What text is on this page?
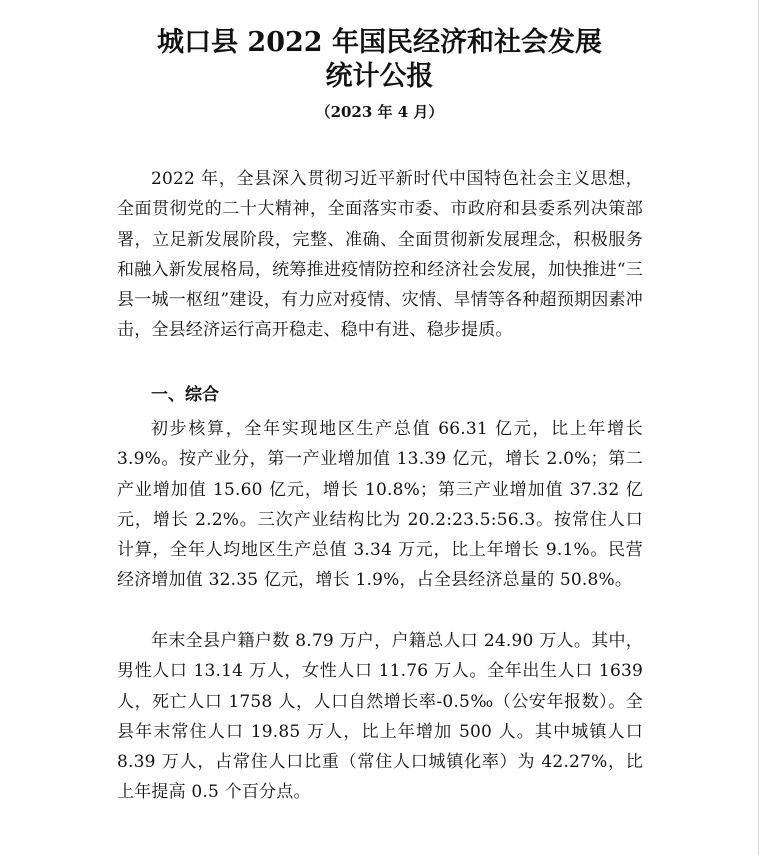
城口县 2022 年国民经济和社会发展
统计公报
（2023 年 4 月）

2022 年，全县深入贯彻习近平新时代中国特色社会主义思想，全面贯彻党的二十大精神，全面落实市委、市政府和县委系列决策部署，立足新发展阶段，完整、准确、全面贯彻新发展理念，积极服务和融入新发展格局，统筹推进疫情防控和经济社会发展，加快推进“三县一城一枢纽”建设，有力应对疫情、灾情、旱情等各种超预期因素冲击，全县经济运行高开稳走、稳中有进、稳步提质。

一、综合

初步核算，全年实现地区生产总值 66.31 亿元，比上年增长 3.9%。按产业分，第一产业增加值 13.39 亿元，增长 2.0%；第二产业增加值 15.60 亿元，增长 10.8%；第三产业增加值 37.32 亿元，增长 2.2%。三次产业结构比为 20.2:23.5:56.3。按常住人口计算，全年人均地区生产总值 3.34 万元，比上年增长 9.1%。民营经济增加值 32.35 亿元，增长 1.9%，占全县经济总量的 50.8%。

年末全县户籍户数 8.79 万户，户籍总人口 24.90 万人。其中，男性人口 13.14 万人，女性人口 11.76 万人。全年出生人口 1639 人，死亡人口 1758 人，人口自然增长率-0.5‰（公安年报数）。全县年末常住人口 19.85 万人，比上年增加 500 人。其中城镇人口 8.39 万人，占常住人口比重（常住人口城镇化率）为 42.27%，比上年提高 0.5 个百分点。
